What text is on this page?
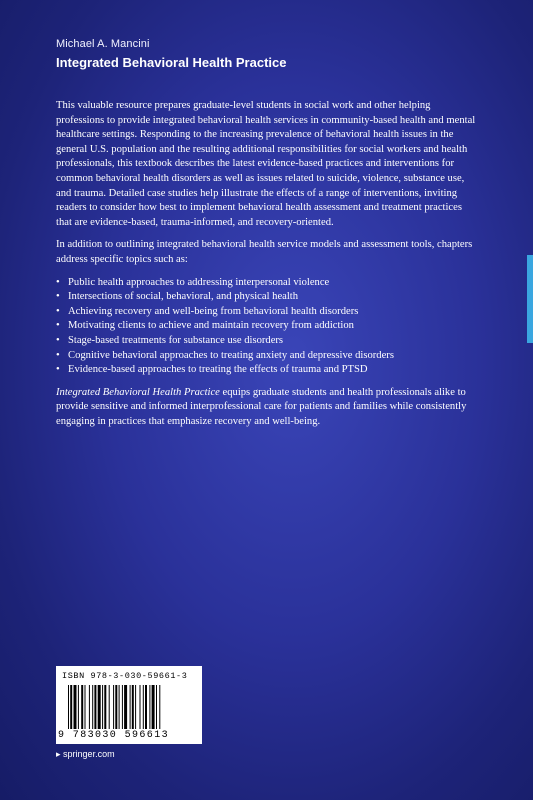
Michael A. Mancini
Integrated Behavioral Health Practice

This valuable resource prepares graduate-level students in social work and other helping professions to provide integrated behavioral health services in community-based health and mental healthcare settings. Responding to the increasing prevalence of behavioral health issues in the general U.S. population and the resulting additional responsibilities for social workers and health professionals, this textbook describes the latest evidence-based practices and interventions for common behavioral health disorders as well as issues related to suicide, violence, substance use, and trauma. Detailed case studies help illustrate the effects of a range of interventions, inviting readers to consider how best to implement behavioral health assessment and treatment practices that are evidence-based, trauma-informed, and recovery-oriented.

In addition to outlining integrated behavioral health service models and assessment tools, chapters address specific topics such as:

• Public health approaches to addressing interpersonal violence
• Intersections of social, behavioral, and physical health
• Achieving recovery and well-being from behavioral health disorders
• Motivating clients to achieve and maintain recovery from addiction
• Stage-based treatments for substance use disorders
• Cognitive behavioral approaches to treating anxiety and depressive disorders
• Evidence-based approaches to treating the effects of trauma and PTSD

Integrated Behavioral Health Practice equips graduate students and health professionals alike to provide sensitive and informed interprofessional care for patients and families while consistently engaging in practices that emphasize recovery and well-being.

ISBN 978-3-030-59661-3
9 783030 596613
▸ springer.com
